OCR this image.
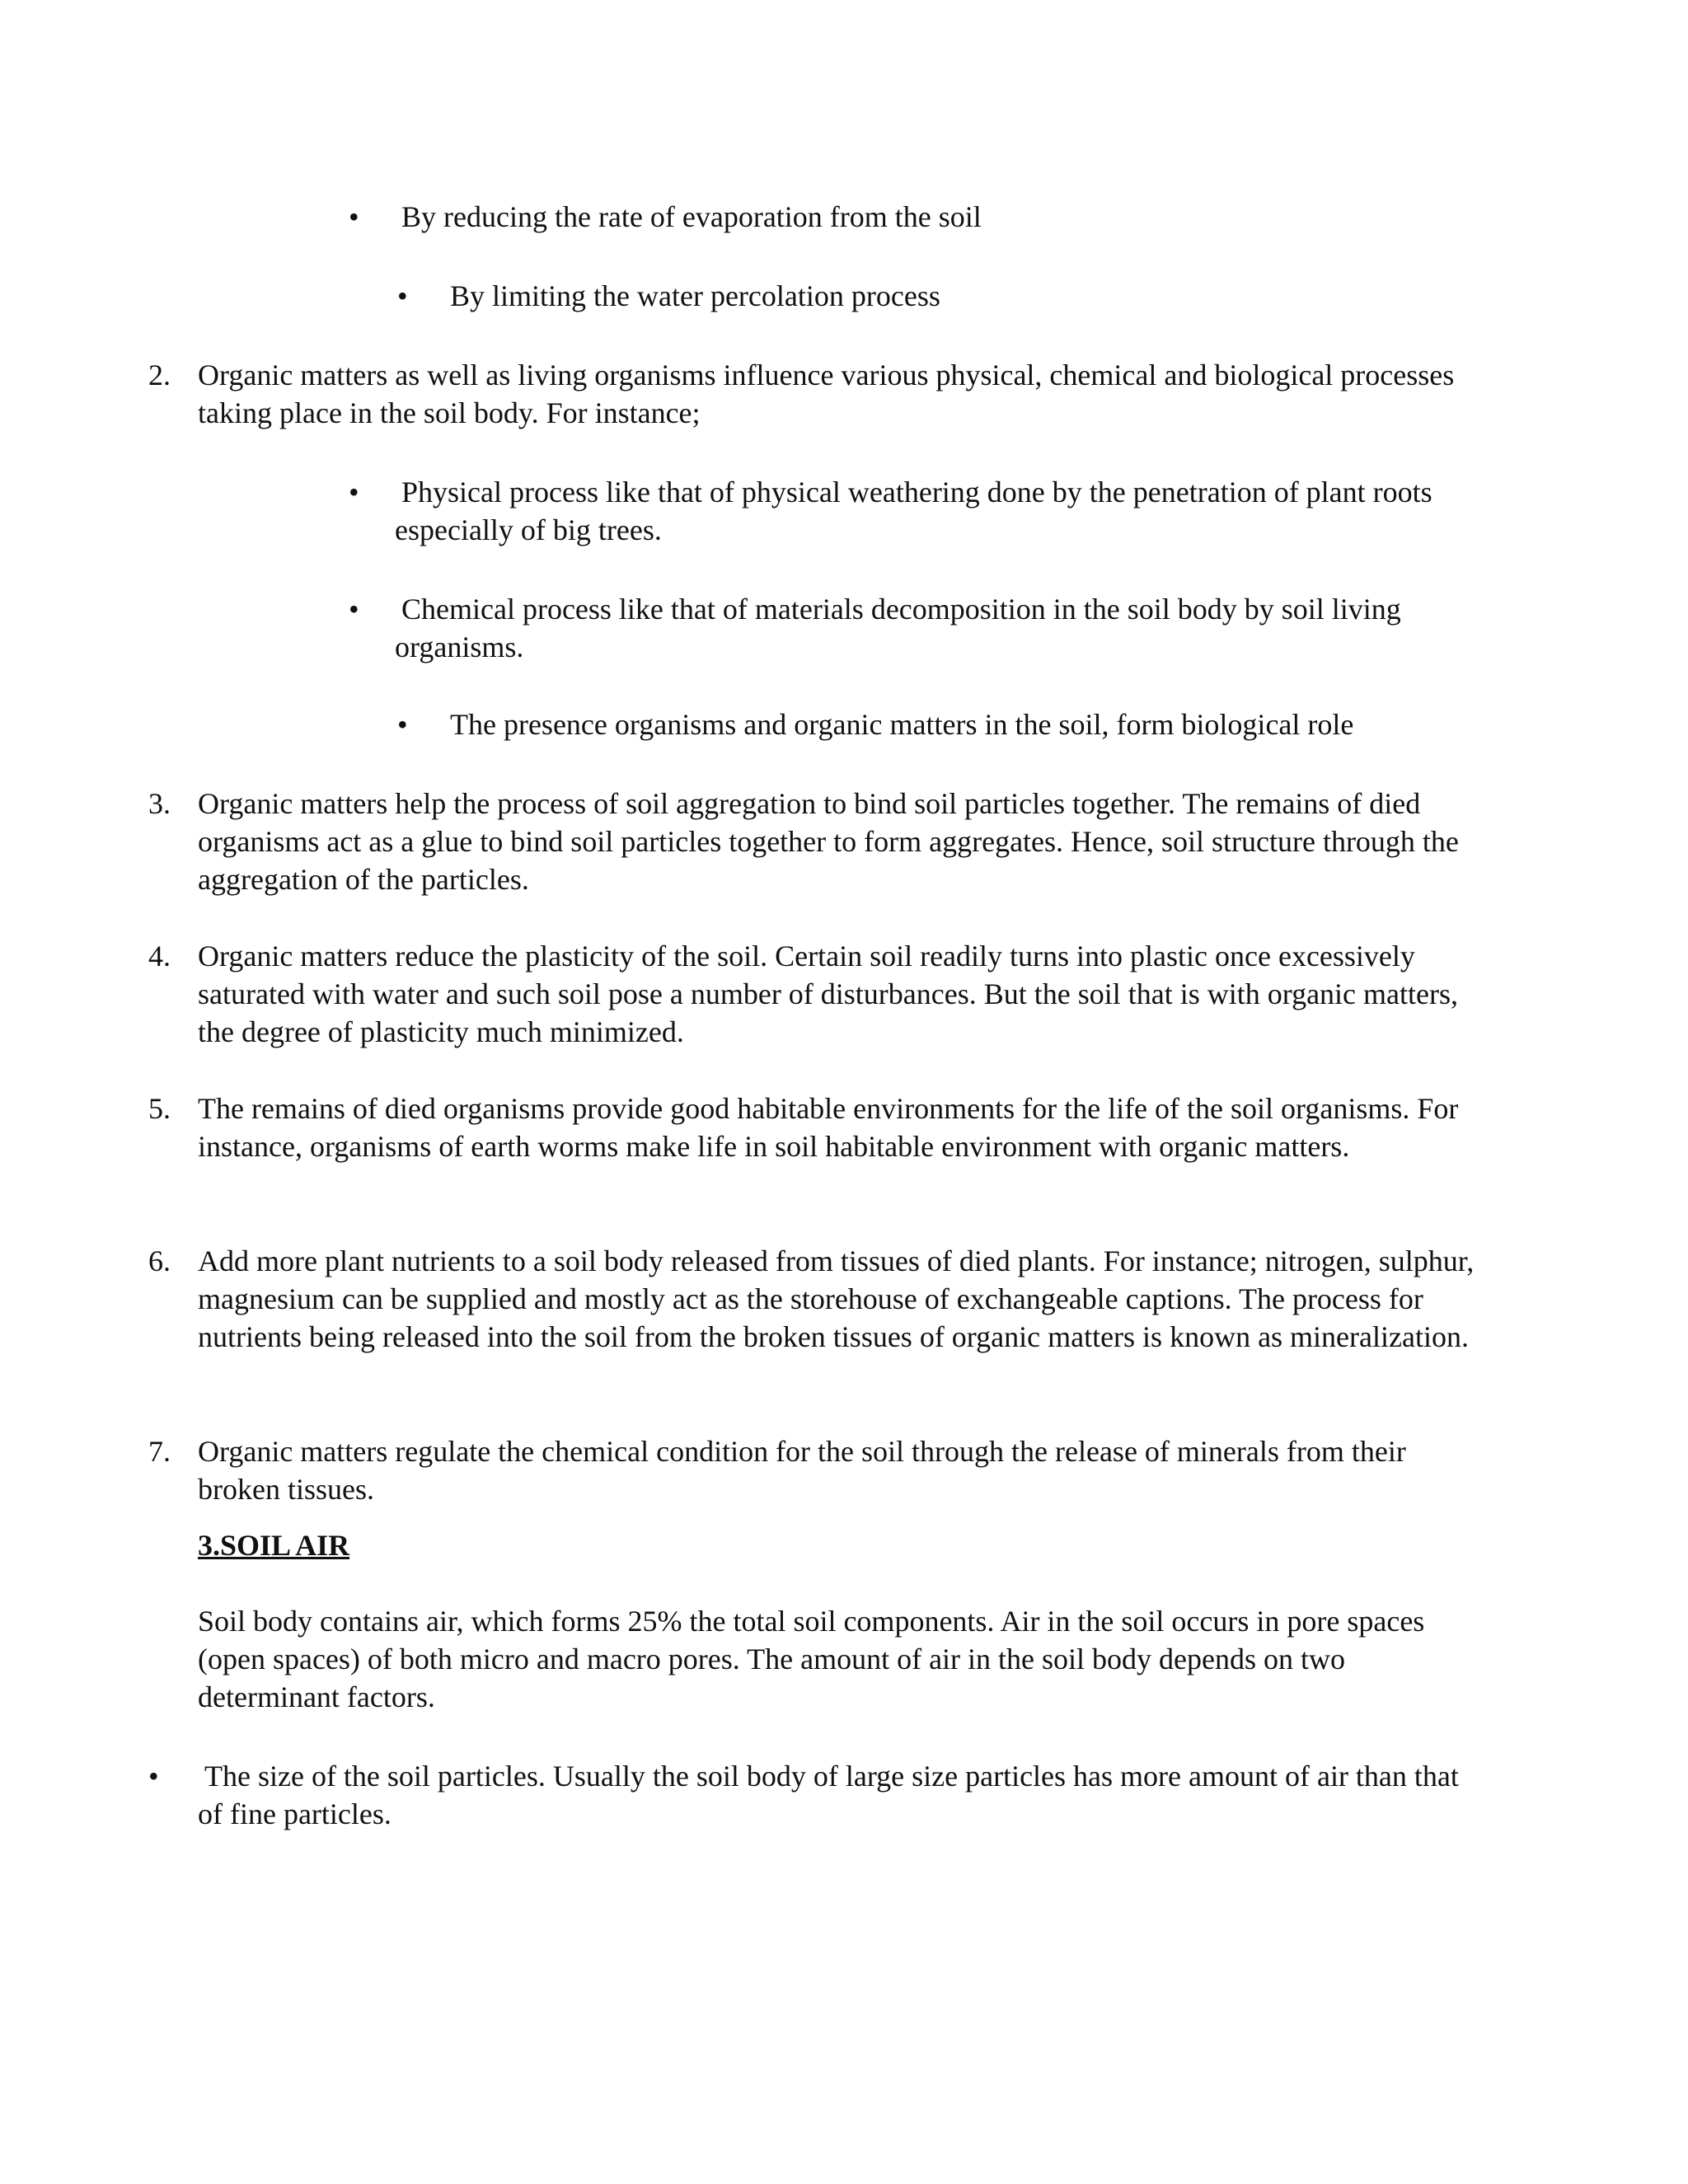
• By reducing the rate of evaporation from the soil

• By limiting the water percolation process

2. Organic matters as well as living organisms influence various physical, chemical and biological processes taking place in the soil body. For instance;

• Physical process like that of physical weathering done by the penetration of plant roots especially of big trees.

• Chemical process like that of materials decomposition in the soil body by soil living organisms.

• The presence organisms and organic matters in the soil, form biological role

3. Organic matters help the process of soil aggregation to bind soil particles together. The remains of died organisms act as a glue to bind soil particles together to form aggregates. Hence, soil structure through the aggregation of the particles.

4. Organic matters reduce the plasticity of the soil. Certain soil readily turns into plastic once excessively saturated with water and such soil pose a number of disturbances. But the soil that is with organic matters, the degree of plasticity much minimized.

5. The remains of died organisms provide good habitable environments for the life of the soil organisms. For instance, organisms of earth worms make life in soil habitable environment with organic matters.

6. Add more plant nutrients to a soil body released from tissues of died plants. For instance; nitrogen, sulphur, magnesium can be supplied and mostly act as the storehouse of exchangeable captions. The process for nutrients being released into the soil from the broken tissues of organic matters is known as mineralization.

7. Organic matters regulate the chemical condition for the soil through the release of minerals from their broken tissues.

3.SOIL AIR

Soil body contains air, which forms 25% the total soil components. Air in the soil occurs in pore spaces (open spaces) of both micro and macro pores. The amount of air in the soil body depends on two determinant factors.

• The size of the soil particles. Usually the soil body of large size particles has more amount of air than that of fine particles.
